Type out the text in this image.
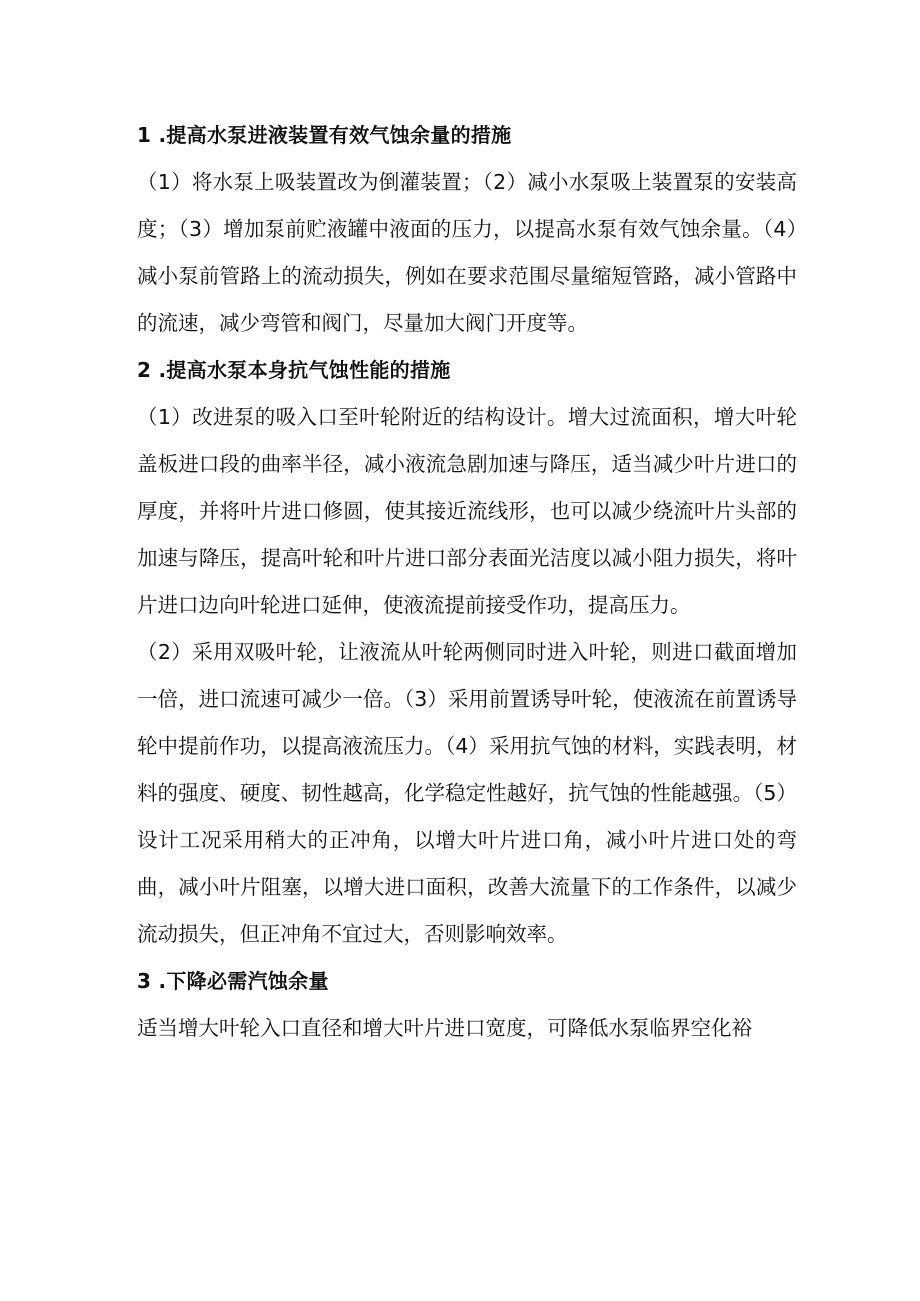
1 .提高水泵进液装置有效气蚀余量的措施

（1）将水泵上吸装置改为倒灌装置；（2）减小水泵吸上装置泵的安装高度；（3）增加泵前贮液罐中液面的压力，以提高水泵有效气蚀余量。（4）减小泵前管路上的流动损失，例如在要求范围尽量缩短管路，减小管路中的流速，减少弯管和阀门，尽量加大阀门开度等。

2 .提高水泵本身抗气蚀性能的措施

（1）改进泵的吸入口至叶轮附近的结构设计。增大过流面积，增大叶轮盖板进口段的曲率半径，减小液流急剧加速与降压，适当减少叶片进口的厚度，并将叶片进口修圆，使其接近流线形，也可以减少绕流叶片头部的加速与降压，提高叶轮和叶片进口部分表面光洁度以减小阻力损失，将叶片进口边向叶轮进口延伸，使液流提前接受作功，提高压力。

（2）采用双吸叶轮，让液流从叶轮两侧同时进入叶轮，则进口截面增加一倍，进口流速可减少一倍。（3）采用前置诱导叶轮，使液流在前置诱导轮中提前作功，以提高液流压力。（4）采用抗气蚀的材料，实践表明，材料的强度、硬度、韧性越高，化学稳定性越好，抗气蚀的性能越强。（5）设计工况采用稍大的正冲角，以增大叶片进口角，减小叶片进口处的弯曲，减小叶片阻塞，以增大进口面积，改善大流量下的工作条件，以减少流动损失，但正冲角不宜过大，否则影响效率。

3 .下降必需汽蚀余量

适当增大叶轮入口直径和增大叶片进口宽度，可降低水泵临界空化裕
